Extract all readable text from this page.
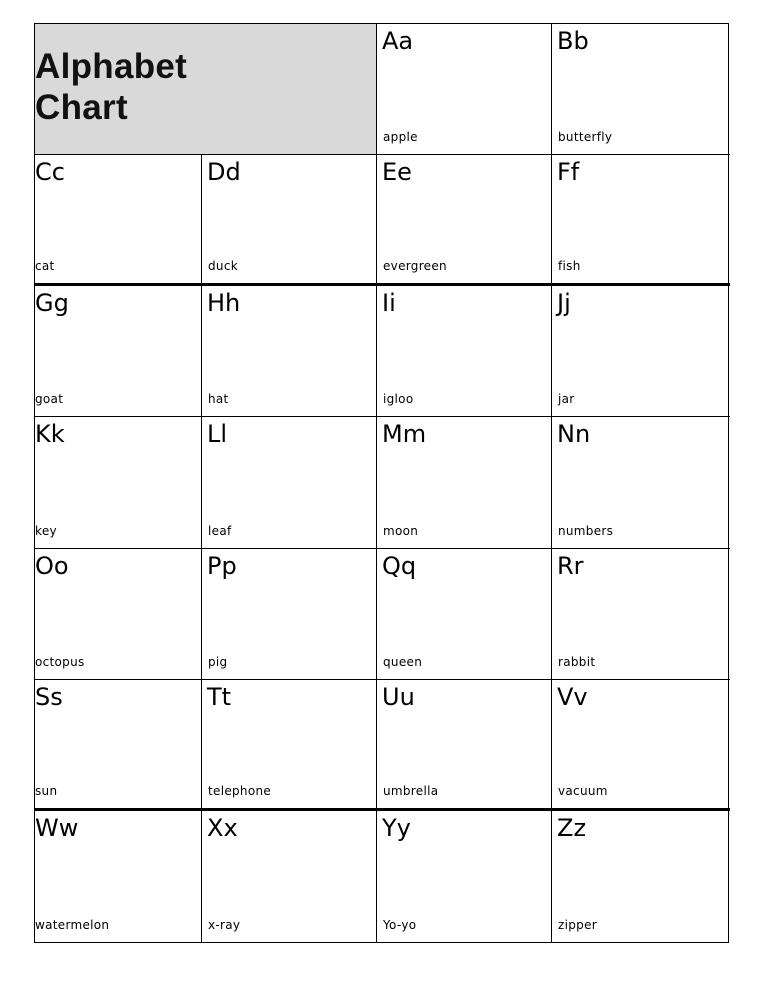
Alphabet
Chart
Aa
apple
Bb
butterfly
Cc
cat
Dd
duck
Ee
evergreen
Ff
fish
Gg
goat
Hh
hat
Ii
igloo
Jj
jar
Kk
key
Ll
leaf
Mm
moon
Nn
numbers
Oo
octopus
Pp
pig
Qq
queen
Rr
rabbit
Ss
sun
Tt
telephone
Uu
umbrella
Vv
vacuum
Ww
watermelon
Xx
x-ray
Yy
Yo-yo
Zz
zipper
